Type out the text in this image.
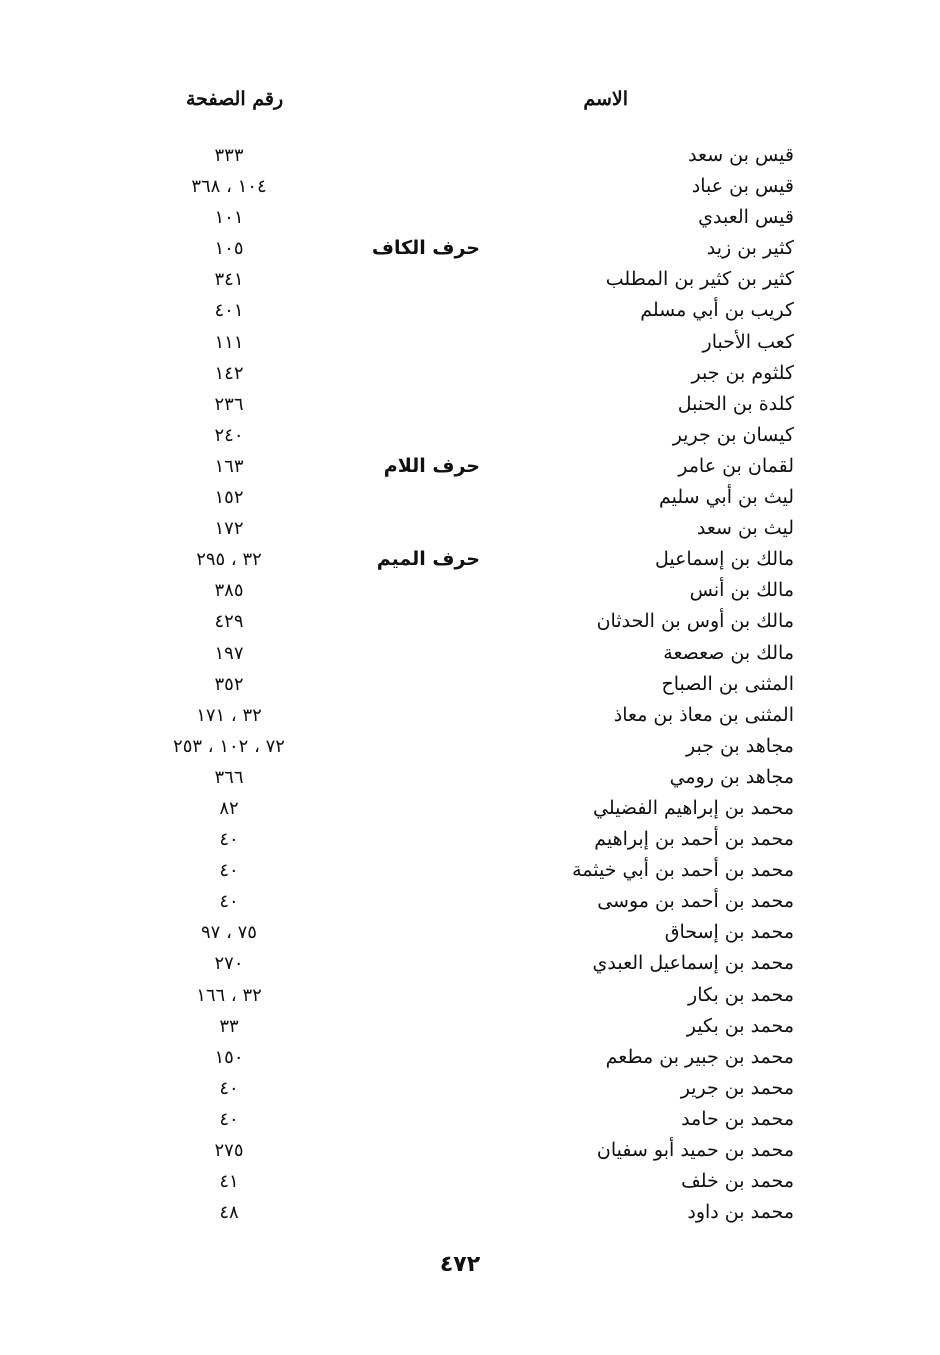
الاسم
رقم الصفحة
قيس بن سعد
٣٣٣
قيس بن عباد
١٠٤ ، ٣٦٨
قيس العبدي
١٠١
كثير بن زيد
حرف الكاف
١٠٥
كثير بن كثير بن المطلب
٣٤١
كريب بن أبي مسلم
٤٠١
كعب الأحبار
١١١
كلثوم بن جبر
١٤٢
كلدة بن الحنبل
٢٣٦
كيسان بن جرير
٢٤٠
لقمان بن عامر
حرف اللام
١٦٣
ليث بن أبي سليم
١٥٢
ليث بن سعد
١٧٢
مالك بن إسماعيل
حرف الميم
٣٢ ، ٢٩٥
مالك بن أنس
٣٨٥
مالك بن أوس بن الحدثان
٤٢٩
مالك بن صعصعة
١٩٧
المثنى بن الصباح
٣٥٢
المثنى بن معاذ بن معاذ
٣٢ ، ١٧١
مجاهد بن جبر
٧٢ ، ١٠٢ ، ٢٥٣
مجاهد بن رومي
٣٦٦
محمد بن إبراهيم الفضيلي
٨٢
محمد بن أحمد بن إبراهيم
٤٠
محمد بن أحمد بن أبي خيثمة
٤٠
محمد بن أحمد بن موسى
٤٠
محمد بن إسحاق
٧٥ ، ٩٧
محمد بن إسماعيل العبدي
٢٧٠
محمد بن بكار
٣٢ ، ١٦٦
محمد بن بكير
٣٣
محمد بن جبير بن مطعم
١٥٠
محمد بن جرير
٤٠
محمد بن حامد
٤٠
محمد بن حميد أبو سفيان
٢٧٥
محمد بن خلف
٤١
محمد بن داود
٤٨
٤٧٢
